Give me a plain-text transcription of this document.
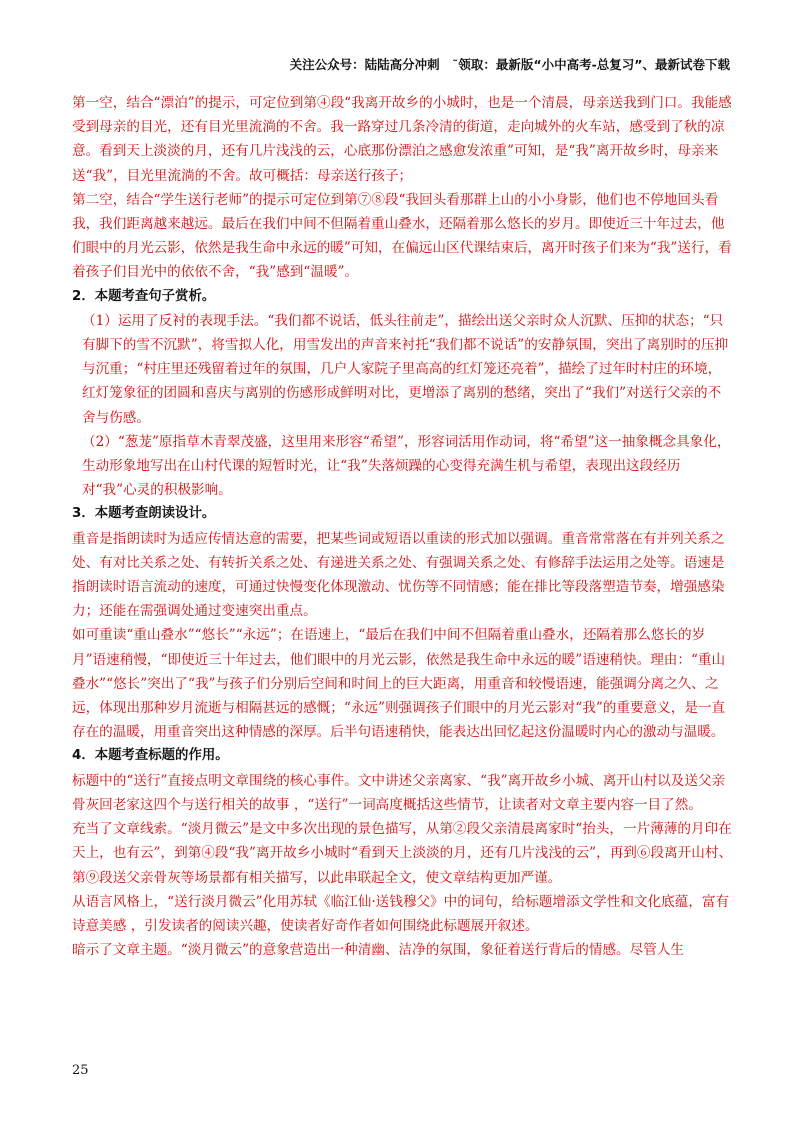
关注公众号：陆陆高分冲刺　˜领取：最新版“小中高考-总复习”、最新试卷下载

第一空，结合“漂泊”的提示，可定位到第④段“我离开故乡的小城时，也是一个清晨，母亲送我到门口。我能感受到母亲的目光，还有目光里流淌的不舍。我一路穿过几条冷清的街道，走向城外的火车站，感受到了秋的凉意。看到天上淡淡的月，还有几片浅浅的云，心底那份漂泊之感愈发浓重”可知，是“我”离开故乡时，母亲来送“我”，目光里流淌的不舍。故可概括：母亲送行孩子；

第二空，结合“学生送行老师”的提示可定位到第⑦⑧段“我回头看那群上山的小小身影，他们也不停地回头看我，我们距离越来越远。最后在我们中间不但隔着重山叠水，还隔着那么悠长的岁月。即使近三十年过去，他们眼中的月光云影，依然是我生命中永远的暖”可知，在偏远山区代课结束后，离开时孩子们来为“我”送行，看着孩子们目光中的依依不舍，“我”感到“温暖”。

2．本题考查句子赏析。

（1）运用了反衬的表现手法。“我们都不说话，低头往前走”，描绘出送父亲时众人沉默、压抑的状态；“只有脚下的雪不沉默”，将雪拟人化，用雪发出的声音来衬托“我们都不说话”的安静氛围，突出了离别时的压抑与沉重；“村庄里还残留着过年的氛围，几户人家院子里高高的红灯笼还亮着”，描绘了过年时村庄的环境，红灯笼象征的团圆和喜庆与离别的伤感形成鲜明对比，更增添了离别的愁绪，突出了“我们”对送行父亲的不舍与伤感。

（2）“葱茏”原指草木青翠茂盛，这里用来形容“希望”，形容词活用作动词，将“希望”这一抽象概念具象化，生动形象地写出在山村代课的短暂时光，让“我”失落烦躁的心变得充满生机与希望，表现出这段经历对“我”心灵的积极影响。

3．本题考查朗读设计。

重音是指朗读时为适应传情达意的需要，把某些词或短语以重读的形式加以强调。重音常常落在有并列关系之处、有对比关系之处、有转折关系之处、有递进关系之处、有强调关系之处、有修辞手法运用之处等。语速是指朗读时语言流动的速度，可通过快慢变化体现激动、忧伤等不同情感；能在排比等段落塑造节奏，增强感染力；还能在需强调处通过变速突出重点。

如可重读“重山叠水”“悠长”“永远”；在语速上，“最后在我们中间不但隔着重山叠水，还隔着那么悠长的岁月”语速稍慢，“即使近三十年过去，他们眼中的月光云影，依然是我生命中永远的暖”语速稍快。理由：“重山叠水”“悠长”突出了“我”与孩子们分别后空间和时间上的巨大距离，用重音和较慢语速，能强调分离之久、之远，体现出那种岁月流逝与相隔甚远的感慨；“永远”则强调孩子们眼中的月光云影对“我”的重要意义，是一直存在的温暖，用重音突出这种情感的深厚。后半句语速稍快，能表达出回忆起这份温暖时内心的激动与温暖。

4．本题考查标题的作用。

标题中的“送行”直接点明文章围绕的核心事件。文中讲述父亲离家、“我”离开故乡小城、离开山村以及送父亲骨灰回老家这四个与送行相关的故事 ，“送行”一词高度概括这些情节，让读者对文章主要内容一目了然。

充当了文章线索。“淡月微云”是文中多次出现的景色描写，从第②段父亲清晨离家时“抬头，一片薄薄的月印在天上，也有云”，到第④段“我”离开故乡小城时“看到天上淡淡的月，还有几片浅浅的云”，再到⑥段离开山村、第⑨段送父亲骨灰等场景都有相关描写，以此串联起全文，使文章结构更加严谨。

从语言风格上，“送行淡月微云”化用苏轼《临江仙·送钱穆父》中的词句，给标题增添文学性和文化底蕴，富有诗意美感 ，引发读者的阅读兴趣，使读者好奇作者如何围绕此标题展开叙述。

暗示了文章主题。“淡月微云”的意象营造出一种清幽、洁净的氛围，象征着送行背后的情感。尽管人生

25
